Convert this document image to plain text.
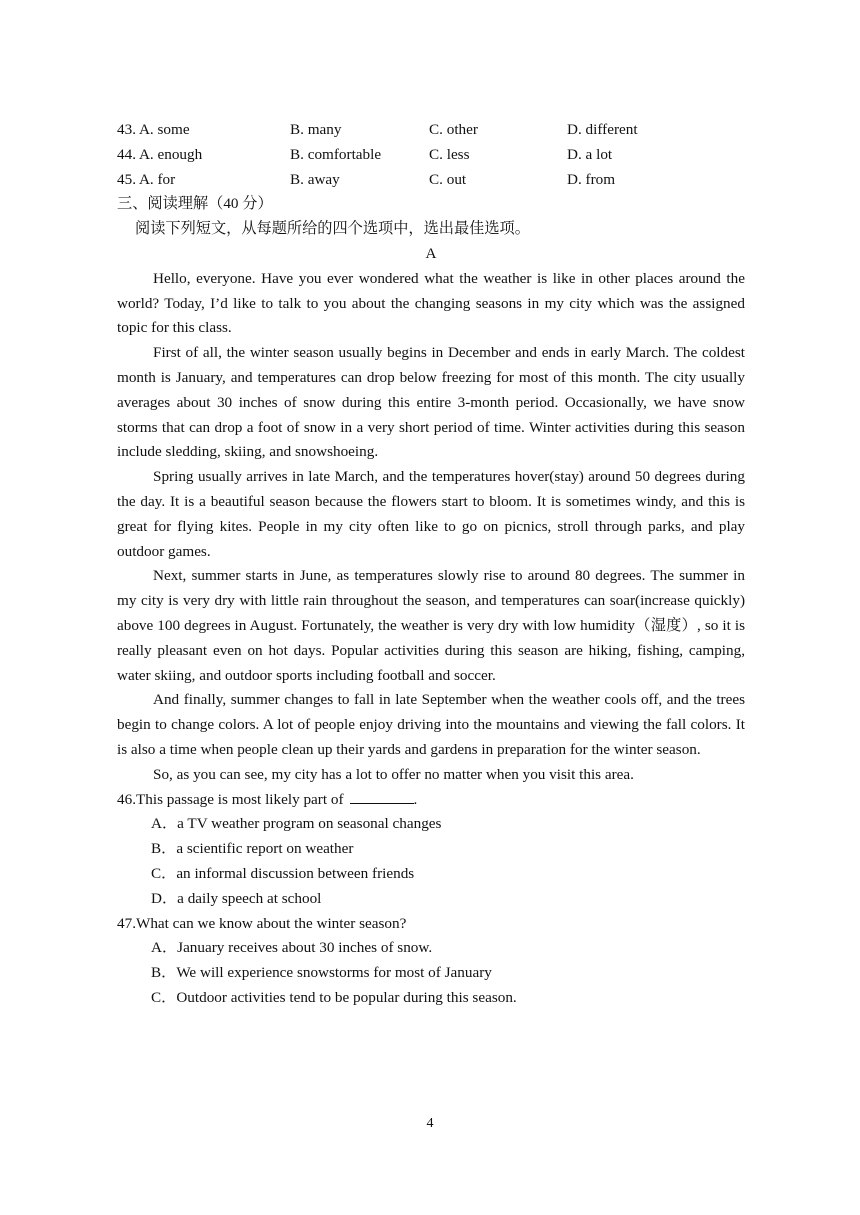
43. A. some	B. many	C. other	D. different
44. A. enough	B. comfortable	C. less	D. a lot
45. A. for	B. away	C. out	D. from
三、阅读理解（40 分）
阅读下列短文，从每题所给的四个选项中，选出最佳选项。
A

Hello, everyone. Have you ever wondered what the weather is like in other places around the world? Today, I’d like to talk to you about the changing seasons in my city which was the assigned topic for this class.

First of all, the winter season usually begins in December and ends in early March. The coldest month is January, and temperatures can drop below freezing for most of this month. The city usually averages about 30 inches of snow during this entire 3-month period. Occasionally, we have snow storms that can drop a foot of snow in a very short period of time. Winter activities during this season include sledding, skiing, and snowshoeing.

Spring usually arrives in late March, and the temperatures hover(stay) around 50 degrees during the day. It is a beautiful season because the flowers start to bloom. It is sometimes windy, and this is great for flying kites. People in my city often like to go on picnics, stroll through parks, and play outdoor games.

Next, summer starts in June, as temperatures slowly rise to around 80 degrees. The summer in my city is very dry with little rain throughout the season, and temperatures can soar(increase quickly) above 100 degrees in August. Fortunately, the weather is very dry with low humidity（湿度）, so it is really pleasant even on hot days. Popular activities during this season are hiking, fishing, camping, water skiing, and outdoor sports including football and soccer.

And finally, summer changes to fall in late September when the weather cools off, and the trees begin to change colors. A lot of people enjoy driving into the mountains and viewing the fall colors. It is also a time when people clean up their yards and gardens in preparation for the winter season.

So, as you can see, my city has a lot to offer no matter when you visit this area.

46.This passage is most likely part of	.

A．a TV weather program on seasonal changes
B．a scientific report on weather
C．an informal discussion between friends
D．a daily speech at school

47.What can we know about the winter season?

A．January receives about 30 inches of snow.
B．We will experience snowstorms for most of January
C．Outdoor activities tend to be popular during this season.
4
